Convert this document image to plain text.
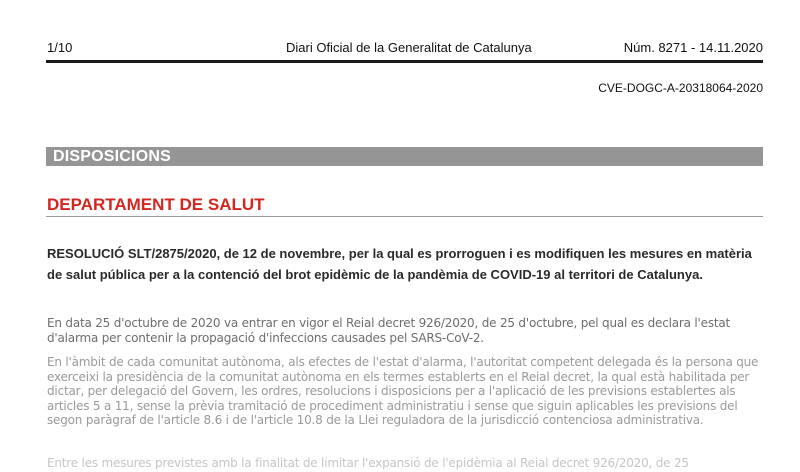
1/10	Diari Oficial de la Generalitat de Catalunya	Núm. 8271 - 14.11.2020
CVE-DOGC-A-20318064-2020
DISPOSICIONS
DEPARTAMENT DE SALUT
RESOLUCIÓ SLT/2875/2020, de 12 de novembre, per la qual es prorroguen i es modifiquen les mesures en matèria de salut pública per a la contenció del brot epidèmic de la pandèmia de COVID-19 al territori de Catalunya.

En data 25 d'octubre de 2020 va entrar en vigor el Reial decret 926/2020, de 25 d'octubre, pel qual es declara l'estat d'alarma per contenir la propagació d'infeccions causades pel SARS-CoV-2.

En l'àmbit de cada comunitat autònoma, als efectes de l'estat d'alarma, l'autoritat competent delegada és la persona que exerceixi la presidència de la comunitat autònoma en els termes establerts en el Reial decret, la qual està habilitada per dictar, per delegació del Govern, les ordres, resolucions i disposicions per a l'aplicació de les previsions establertes als articles 5 a 11, sense la prèvia tramitació de procediment administratiu i sense que siguin aplicables les previsions del segon paràgraf de l'article 8.6 i de l'article 10.8 de la Llei reguladora de la jurisdicció contenciosa administrativa.

Entre les mesures previstes amb la finalitat de limitar l'expansió de l'epidèmia al Reial decret 926/2020, de 25
